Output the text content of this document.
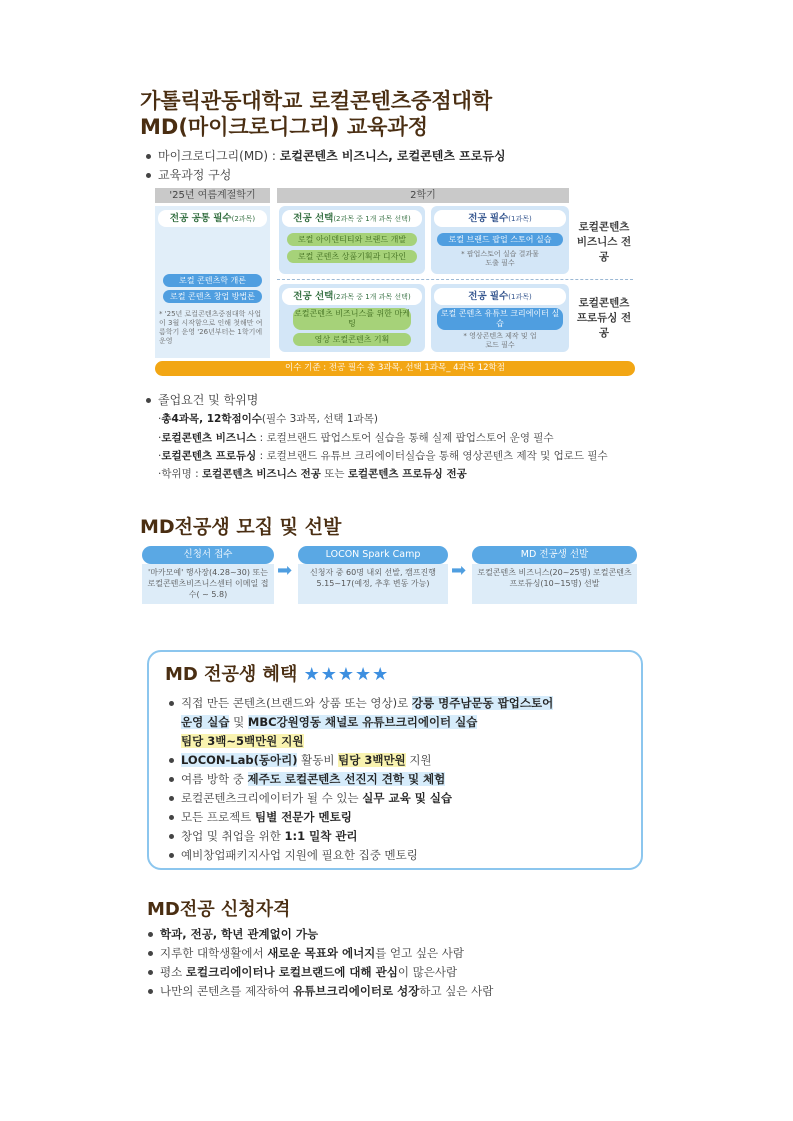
가톨릭관동대학교 로컬콘텐츠중점대학
MD(마이크로디그리) 교육과정
마이크로디그리(MD) : 로컬콘텐츠 비즈니스, 로컬콘텐츠 프로듀싱
교육과정 구성
'25년 여름계절학기	2학기
전공 공통 필수(2과목)
로컬 콘텐츠학 개론
로컬 콘텐츠 창업 방법론
* '25년 로컬콘텐츠중점대학 사업이 3월 시작함으로 인해 첫해만 여름학기 운영 '26년부터는 1학기에 운영
전공 선택(2과목 중 1개 과목 선택)
로컬 아이덴티티와 브랜드 개발
로컬 콘텐츠 상품기획과 디자인
전공 필수(1과목)
로컬 브랜드 팝업 스토어 실습
* 팝업스토어 실습 결과물 도출 필수
로컬콘텐츠 비즈니스 전공
전공 선택(2과목 중 1개 과목 선택)
로컬콘텐츠 비즈니스를 위한 마케팅
영상 로컬콘텐츠 기획
전공 필수(1과목)
로컬 콘텐츠 유튜브 크리에이터 실습
* 영상콘텐츠 제작 및 업로드 필수
로컬콘텐츠 프로듀싱 전공
이수 기준 : 전공 필수 총 3과목, 선택 1과목_ 4과목 12학점
졸업요건 및 학위명
·총4과목, 12학점이수(필수 3과목, 선택 1과목)
·로컬콘텐츠 비즈니스 : 로컬브랜드 팝업스토어 실습을 통해 실제 팝업스토어 운영 필수
·로컬콘텐츠 프로듀싱 : 로컬브랜드 유튜브 크리에이터실습을 통해 영상콘텐츠 제작 및 업로드 필수
·학위명 : 로컬콘텐츠 비즈니스 전공 또는 로컬콘텐츠 프로듀싱 전공
MD전공생 모집 및 선발
신청서 접수
'마카모예' 행사장(4.28~30) 또는 로컬콘텐츠비즈니스센터 이메일 접수( ~ 5.8)
➡
LOCON Spark Camp
신청자 중 60명 내외 선발, 캠프진행 5.15~17(예정, 추후 변동 가능)
➡
MD 전공생 선발
로컬콘텐츠 비즈니스(20~25명) 로컬콘텐츠 프로듀싱(10~15명) 선발
MD 전공생 혜택 ★★★★★
직접 만든 콘텐츠(브랜드와 상품 또는 영상)로 강릉 명주남문동 팝업스토어
운영 실습 및 MBC강원영동 채널로 유튜브크리에이터 실습
팀당 3백~5백만원 지원
LOCON-Lab(동아리) 활동비 팀당 3백만원 지원
여름 방학 중 제주도 로컬콘텐츠 선진지 견학 및 체험
로컬콘텐츠크리에이터가 될 수 있는 실무 교육 및 실습
모든 프로젝트 팀별 전문가 멘토링
창업 및 취업을 위한 1:1 밀착 관리
예비창업패키지사업 지원에 필요한 집중 멘토링
MD전공 신청자격
학과, 전공, 학년 관계없이 가능
지루한 대학생활에서 새로운 목표와 에너지를 얻고 싶은 사람
평소 로컬크리에이터나 로컬브랜드에 대해 관심이 많은사람
나만의 콘텐츠를 제작하여 유튜브크리에이터로 성장하고 싶은 사람
